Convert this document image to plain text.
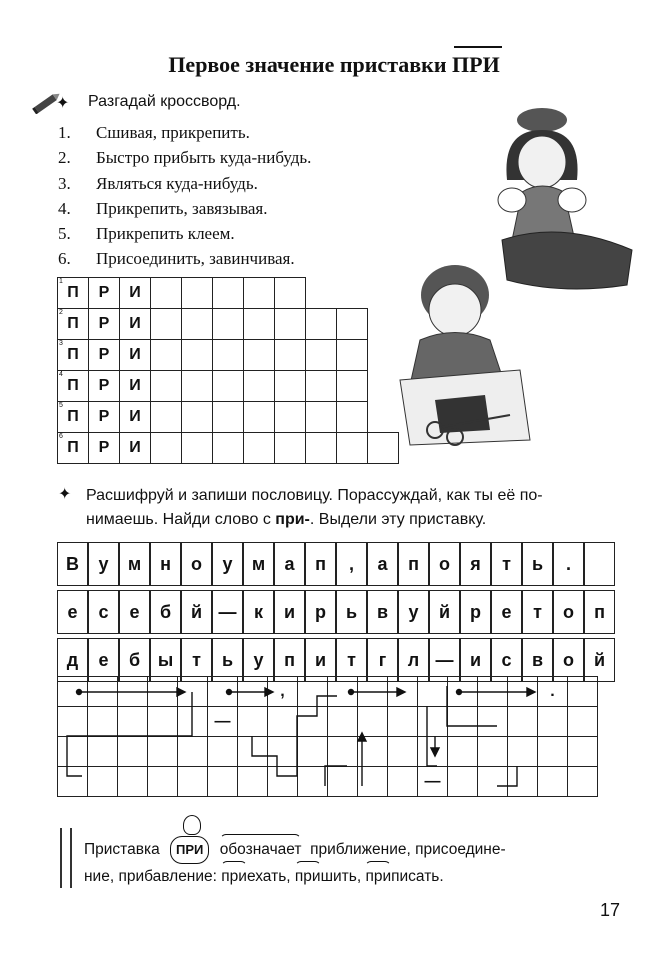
Первое значение приставки ПРИ
✦ Разгадай кроссворд.
1. Сшивая, прикрепить.
2. Быстро прибыть куда-нибудь.
3. Являться куда-нибудь.
4. Прикрепить, завязывая.
5. Прикрепить клеем.
6. Присоединить, завинчивая.
1
П	Р	И								

2
П	Р	И								

3
П	Р	И								

4
П	Р	И								

5
П	Р	И								

6
П	Р	И								
✦ Расшифруй и запиши пословицу. Порассуждай, как ты её по-
нимаешь. Найди слово с при-. Выдели эту приставку.
В	у	м	н	о	у	м	а	п	,	а	п	о	я	т	ь	.	
е	с	е	б	й	—	к	и	р	ь	в	у	й	р	е	т	о	п
д	е	б	ы	т	ь	у	п	и	т	г	л	—	и	с	в	о	й
							,									.	
					—												

												—					
Приставка ПРИ обозначает приближение, присоедине-
ние, прибавление: приехать, пришить, приписать.
17
